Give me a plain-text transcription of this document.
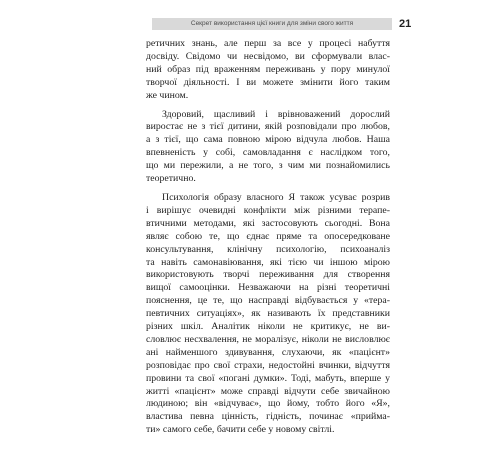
Секрет використання цієї книги для зміни свого життя	21
ретичних знань, але перш за все у процесі набуття
досвіду. Свідомо чи несвідомо, ви сформували влас-
ний образ під враженням переживань у пору минулої
творчої діяльності. І ви можете змінити його таким
же чином.
Здоровий, щасливий і врівноважений дорослий
виростає не з тієї дитини, якій розповідали про любов,
а з тієї, що сама повною мірою відчула любов. Наша
впевненість у собі, самовладання є наслідком того,
що ми пережили, а не того, з чим ми познайомились
теоретично.
Психологія образу власного Я також усуває розрив
і вирішує очевидні конфлікти між різними терапе-
втичними методами, які застосовують сьогодні. Вона
являє собою те, що єднає пряме та опосередковане
консультування, клінічну психологію, психоаналіз
та навіть самонавіювання, які тією чи іншою мірою
використовують творчі переживання для створення
вищої самооцінки. Незважаючи на різні теоретичні
пояснення, це те, що насправді відбувається у «тера-
певтичних ситуаціях», як називають їх представники
різних шкіл. Аналітик ніколи не критикує, не ви-
словлює несхвалення, не моралізує, ніколи не висловлює
ані найменшого здивування, слухаючи, як «пацієнт»
розповідає про свої страхи, недостойні вчинки, відчуття
провини та свої «погані думки». Тоді, мабуть, вперше у
житті «пацієнт» може справді відчути себе звичайною
людиною; він «відчуває», що йому, тобто його «Я»,
властива певна цінність, гідність, починає «прийма-
ти» самого себе, бачити себе у новому світлі.
